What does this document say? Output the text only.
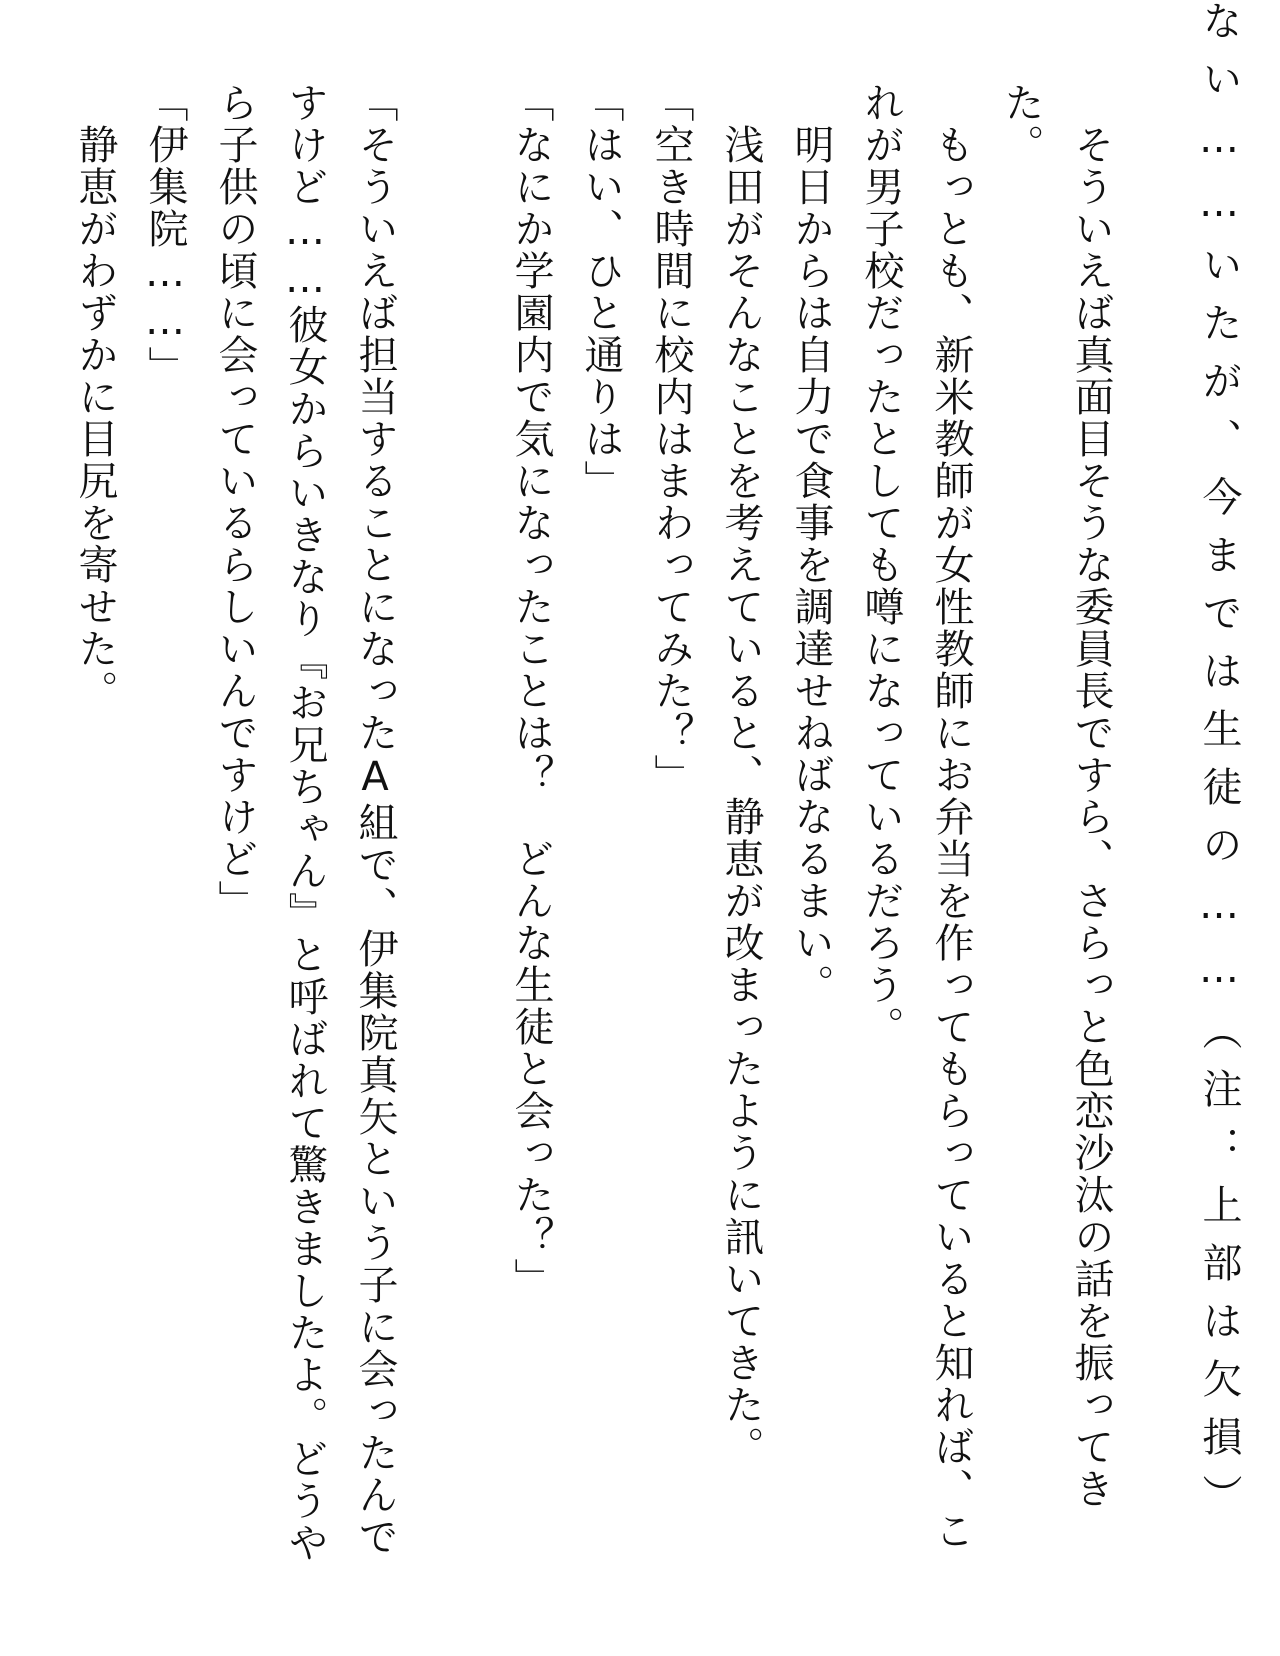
ない……いたが、今までは生徒の……（注：上部は欠損）
た。 　そういえば真面目そうな委員長ですら、さらっと色恋沙汰の話を振ってき
　もっとも、新米教師が女性教師にお弁当を作ってもらっていると知れば、こ
れが男子校だったとしても噂になっているだろう。
　明日からは自力で食事を調達せねばなるまい。
　浅田がそんなことを考えていると、静恵が改まったように訊いてきた。
「空き時間に校内はまわってみた？」
「はい、ひと通りは」
「なにか学園内で気になったことは？　どんな生徒と会った？」
「そういえば担当することになったA組で、伊集院真矢という子に会ったんで
すけど……彼女からいきなり『お兄ちゃん』と呼ばれて驚きましたよ。どうや
ら子供の頃に会っているらしいんですけど」
「伊集院……」
　静恵がわずかに目尻を寄せた。
